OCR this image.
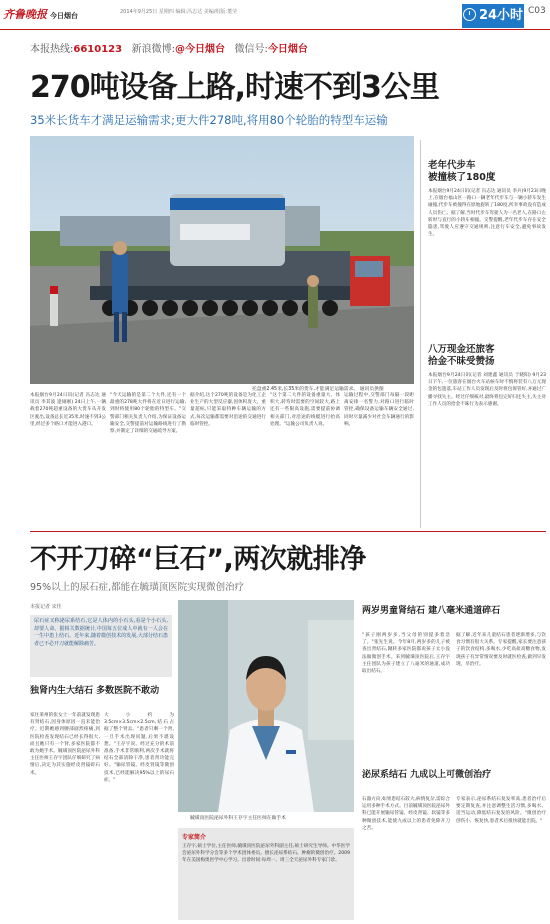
齐鲁晚报 今日烟台	2014年9月25日 星期四 编辑:冯志达 美编/组版:董莹	24小时 C03
本报热线:6610123 新浪微博:@今日烟台 微信号:今日烟台
270吨设备上路,时速不到3公里
35米长货车才满足运输需求;更大件278吨,将用80个轮胎的特型车运输
托盘重2.45米,长35米的货车,才能满足运输需求。 通讯员供图
本报烟台9月24日讯(记者 冯志达 通讯员 李其波 逄锡刚) 24日上午,一辆载着270吨超重设备的大货车从开发区驶出,设备总长近35米,时速不到3公里,经过多个路口才能进入港口。
"今天运输的是第二个大件,还有一个最重的278吨大件将在近日进行运输,到时将使用80个轮胎的特型车。"交警部门相关负责人介绍,为保证设备运输安全,交警提前对运输路线进行了勘察,并制定了详细的交通疏导方案。
据介绍,这个270吨的设备是为化工企业生产的大型反应器,因体积庞大、重量超标,只能采取特种车辆运输的方式,每次运输都需要对沿途的交通进行临时管控。
"这个第二大件的设备重量大、体积大,转弯时需要的空间较大,路上还有一些限高设施,需要提前协调相关部门,对沿途的线缆进行抬高处理。"运输公司负责人说。
运输过程中,交警部门每隔一段距离安排一名警力,对路口进行临时管控,确保设备运输车辆安全通过,同时尽量减少对社会车辆通行的影响。
老年代步车
被撞核了180度
本报烟台9月24日讯(记者 冯志达 通讯员 李兵)9月23日晚上,在烟台福山区一路口一辆老年代步车与一辆小轿车发生碰撞,代步车被撞得在原地旋转了180度,所幸事故没有造成人员伤亡。据了解,当时代步车驾驶人为一名老人,在路口左转时与直行的小轿车相撞。交警提醒,老年代步车存在安全隐患,驾驶人应遵守交通规则,注意行车安全,避免事故发生。
八万现金还旅客
拾金不昧受赞扬
本报烟台9月24日讯(记者 刘建鑫 通讯员 于晓阳) 9月23日下午,一位旅客在烟台火车站候车时不慎将装有八万元现金的包遗落,车站工作人员发现后及时将包保管好,并通过广播寻找失主。经过仔细核对,最终将包完好归还失主,失主对工作人员的拾金不昧行为表示感谢。
不开刀碎“巨石”,两次就排净
95%以上的尿石症,都能在毓璜顶医院实现微创治疗
本报记者 宋佳
尿石症又称泌尿系结石,它是人体内的小石头,看是个小石头,却要人命。据相关数据统计,中国每五位成人中就有一人会在一生中患上结石。近年来,随着微创技术的发展,大部分结石患者已不必开刀就能解除痛苦。
独肾内生大结石 多数医院不敢动
家住莱州的张女士一年前就发现患有肾结石,因身体原因一直未能治疗。近期她感到腰部剧烈疼痛,到医院检查发现结石已经长得很大,而且她只有一个肾,多家医院都不敢为她手术。毓璜顶医院泌尿外科主任医师王存宇团队仔细研究了病情后,决定为其实施经皮肾镜碎石术。
大小约为3.5cm×3.5cm×2.5cm,结石占据了整个肾盂。"患者只剩一个肾,一旦手术出现问题,后果不堪设想。"王存宇说。经过充分的术前准备,手术非常顺利,两次手术就将结石全部清除干净,患者肾功能完好。"输尿管镜、经皮肾镜等微创技术,已经能解决95%以上的尿石症。"
毓璜顶医院泌尿外科王存宇主任医师在做手术
专家简介
王存宇,硕士学位,主任医师,毓璜顶医院泌尿外科副主任,硕士研究生导师。中华医学会泌尿外科学分会等多个学术团体委员。擅长泌尿系结石、肿瘤的微创治疗。2009年在美国梅奥医学中心学习。出诊时间:每周一、周三全天泌尿外科专家门诊。
两岁男童肾结石 建八毫米通道碎石
"孩子刚两岁多,当父母的别提多着急了。"张先生说。今年8月,两岁多的儿子被查出肾结石,辗转多家医院都说孩子太小没法做微创手术。来到毓璜顶医院后,王存宇主任团队为孩子建立了八毫米的通道,成功取出结石。
据了解,近年来儿童结石患者逐渐增多,与饮食习惯有很大关系。专家提醒,家长要注意孩子的饮食结构,多喝水,少吃高盐高糖食物,发现孩子有异常情况要及时就医检查,做到早发现、早治疗。
泌尿系结石 九成以上可微创治疗
石器方向,如果患结石较大,病情复杂,需综合运用多种手术方式。目前毓璜顶医院泌尿外科已能开展输尿管镜、经皮肾镜、软镜等多种微创技术,能使九成以上的患者免除开刀之苦。
专家表示,泌尿系结石复发率高,患者治疗后要定期复查,并注意调整生活习惯,多喝水、适当运动,降低结石复发的风险。"微创治疗创伤小、恢复快,患者术后很快就能出院。"
